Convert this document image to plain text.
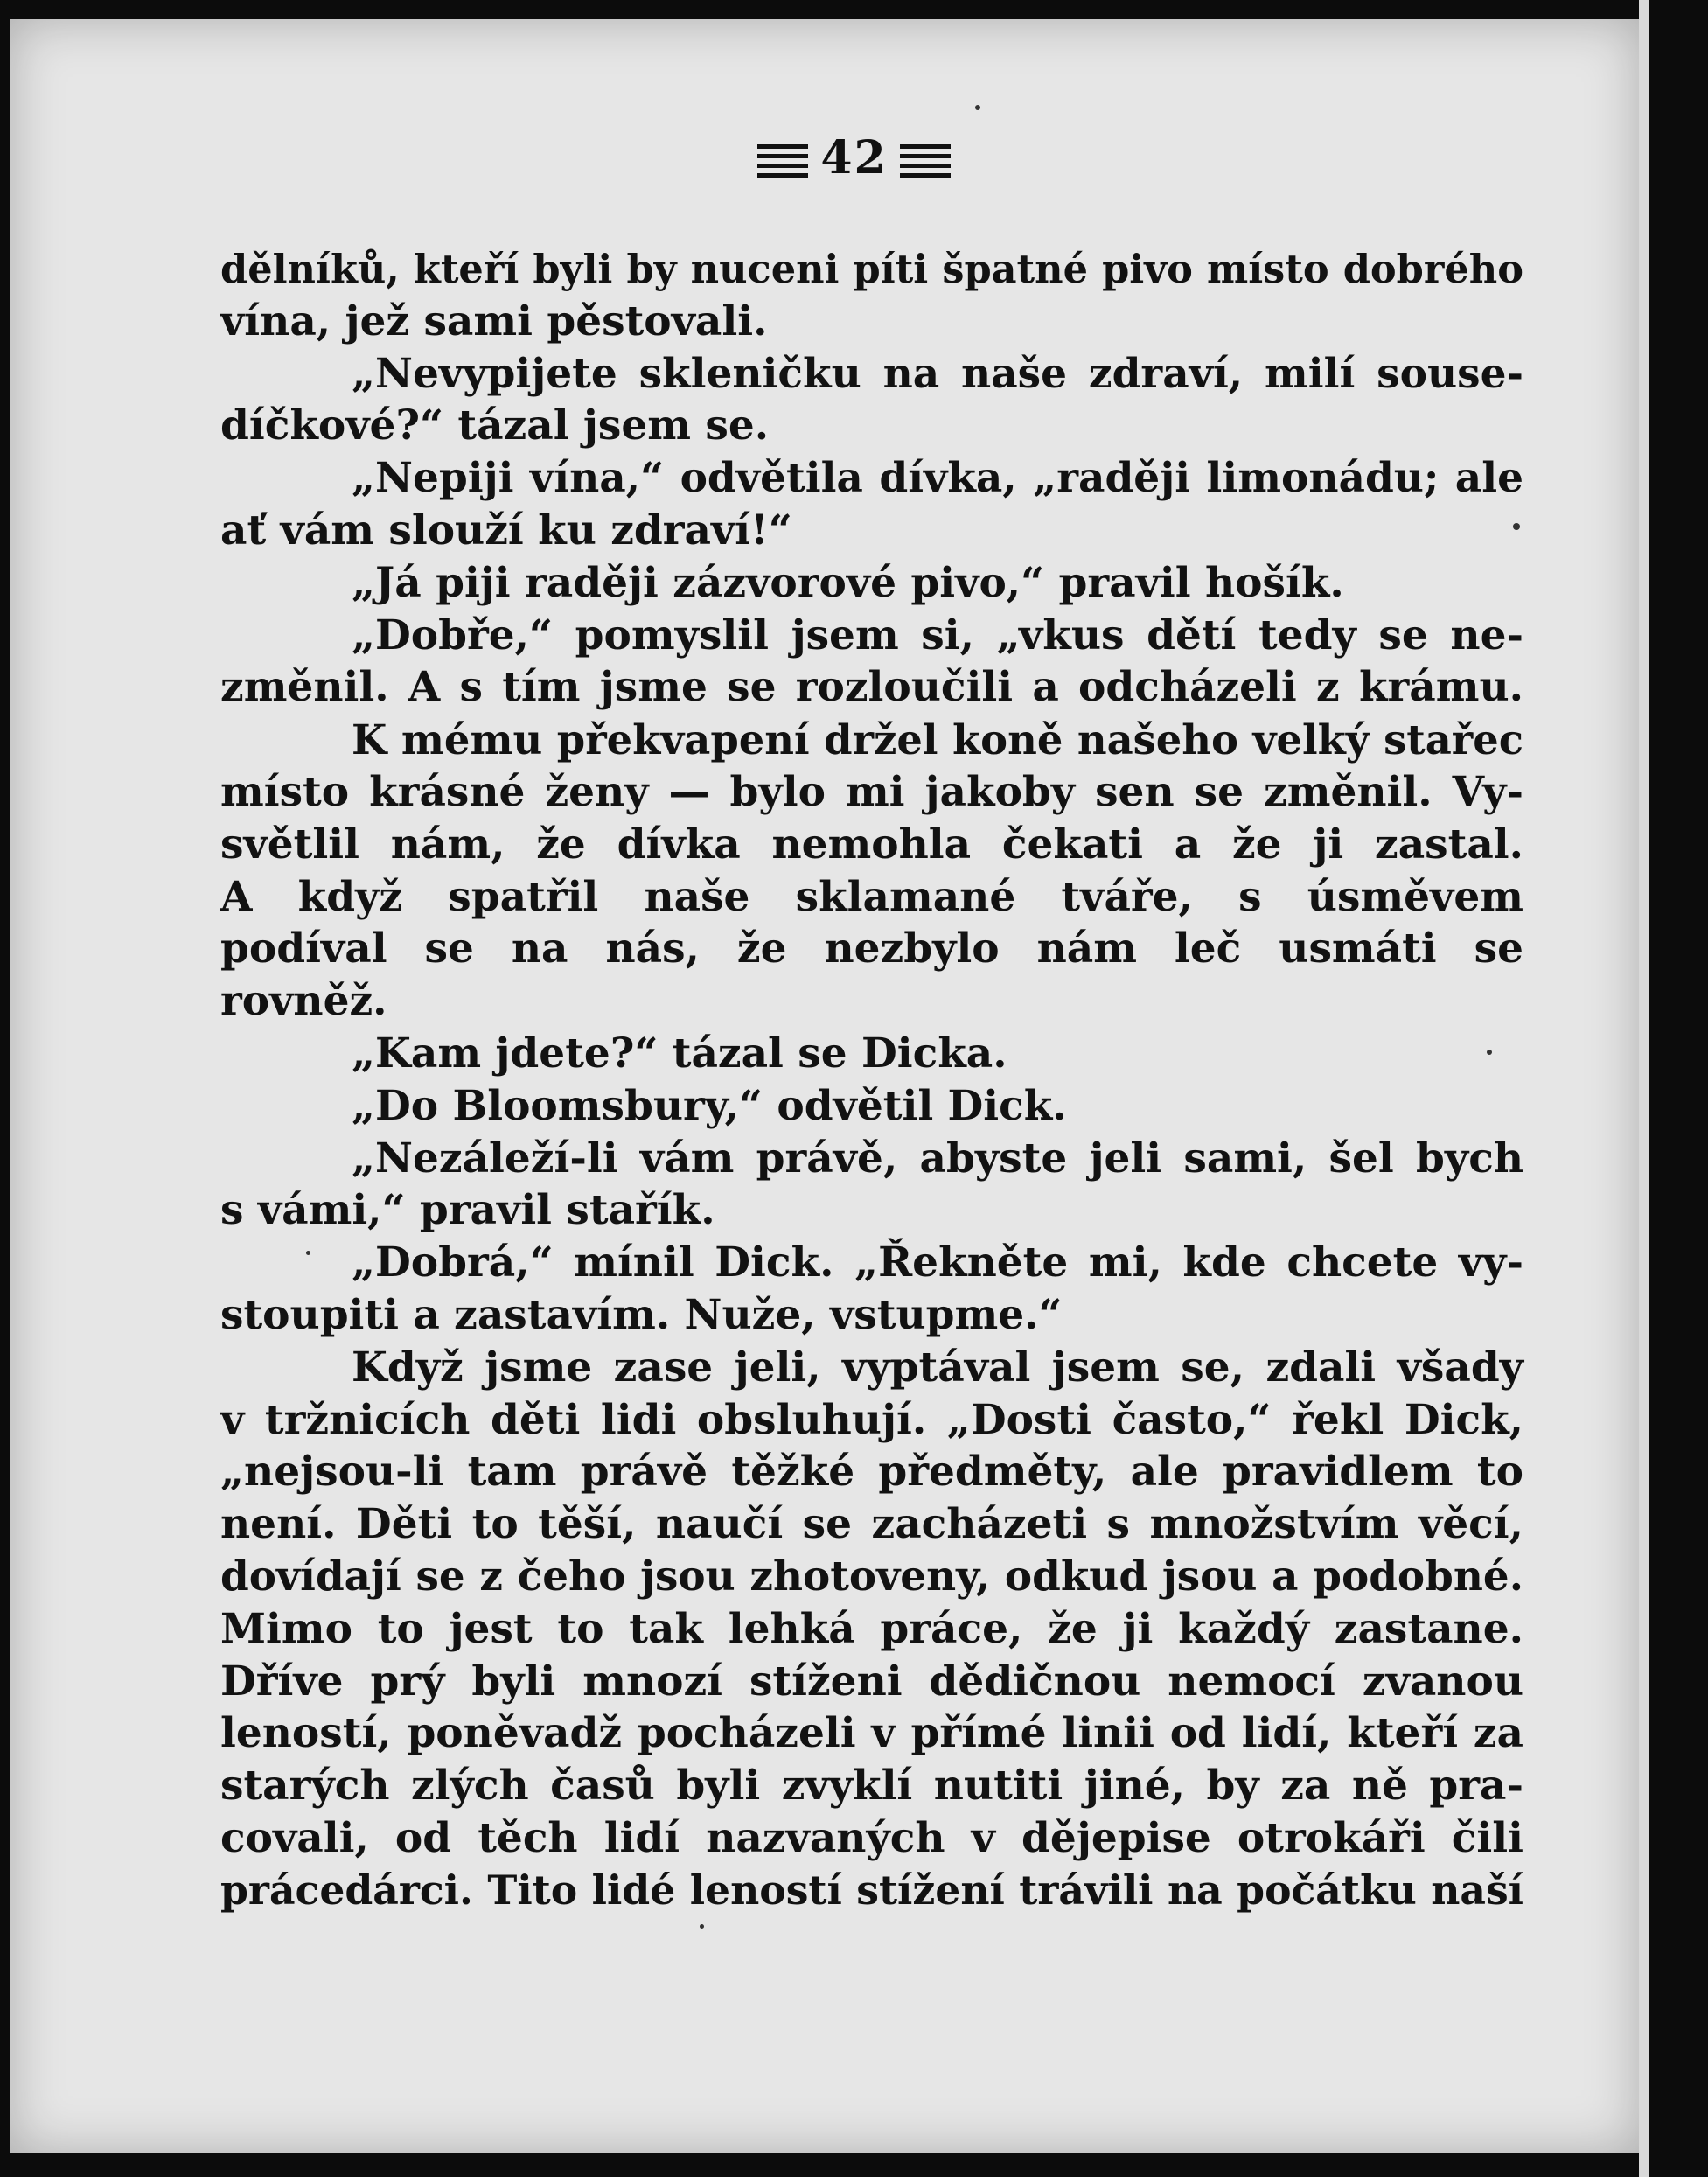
42
dělníků, kteří byli by nuceni píti špatné pivo místo dobrého
vína, jež sami pěstovali.
„Nevypijete skleničku na naše zdraví, milí souse-
díčkové?“ tázal jsem se.
„Nepiji vína,“ odvětila dívka, „raději limonádu; ale
ať vám slouží ku zdraví!“
„Já piji raději zázvorové pivo,“ pravil hošík.
„Dobře,“ pomyslil jsem si, „vkus dětí tedy se ne-
změnil. A s tím jsme se rozloučili a odcházeli z krámu.
K mému překvapení držel koně našeho velký stařec
místo krásné ženy — bylo mi jakoby sen se změnil. Vy-
světlil nám, že dívka nemohla čekati a že ji zastal.
A když spatřil naše sklamané tváře, s úsměvem
podíval se na nás, že nezbylo nám leč usmáti se
rovněž.
„Kam jdete?“ tázal se Dicka.
„Do Bloomsbury,“ odvětil Dick.
„Nezáleží-li vám právě, abyste jeli sami, šel bych
s vámi,“ pravil stařík.
„Dobrá,“ mínil Dick. „Řekněte mi, kde chcete vy-
stoupiti a zastavím. Nuže, vstupme.“
Když jsme zase jeli, vyptával jsem se, zdali všady
v tržnicích děti lidi obsluhují. „Dosti často,“ řekl Dick,
„nejsou-li tam právě těžké předměty, ale pravidlem to
není. Děti to těší, naučí se zacházeti s množstvím věcí,
dovídají se z čeho jsou zhotoveny, odkud jsou a podobné.
Mimo to jest to tak lehká práce, že ji každý zastane.
Dříve prý byli mnozí stíženi dědičnou nemocí zvanou
leností, poněvadž pocházeli v přímé linii od lidí, kteří za
starých zlých časů byli zvyklí nutiti jiné, by za ně pra-
covali, od těch lidí nazvaných v dějepise otrokáři čili
prácedárci. Tito lidé leností stížení trávili na počátku naší
